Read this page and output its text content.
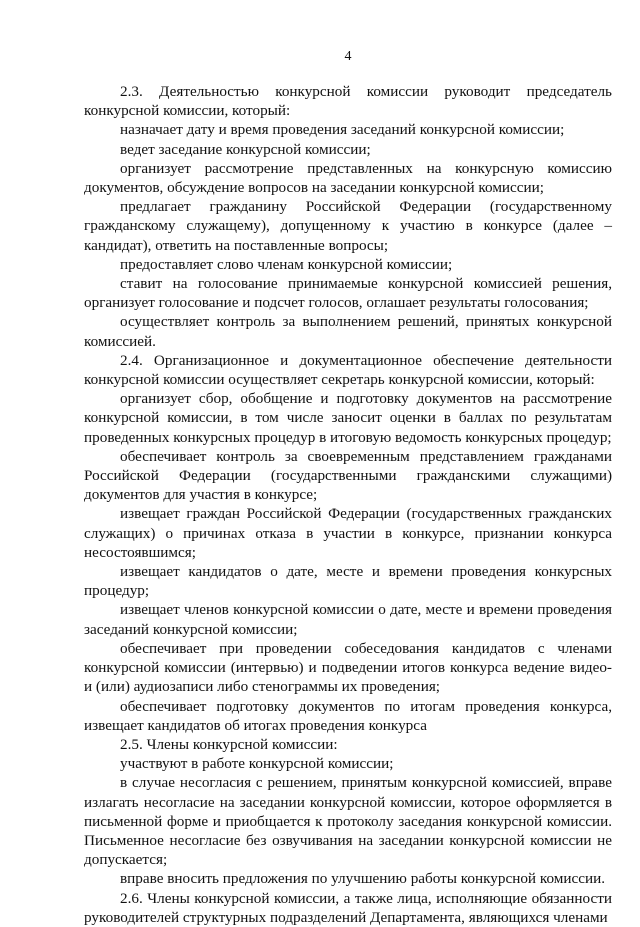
4

2.3. Деятельностью конкурсной комиссии руководит председатель конкурсной комиссии, который:

назначает дату и время проведения заседаний конкурсной комиссии;

ведет заседание конкурсной комиссии;

организует рассмотрение представленных на конкурсную комиссию документов, обсуждение вопросов на заседании конкурсной комиссии;

предлагает гражданину Российской Федерации (государственному гражданскому служащему), допущенному к участию в конкурсе (далее – кандидат), ответить на поставленные вопросы;

предоставляет слово членам конкурсной комиссии;

ставит на голосование принимаемые конкурсной комиссией решения, организует голосование и подсчет голосов, оглашает результаты голосования;

осуществляет контроль за выполнением решений, принятых конкурсной комиссией.

2.4. Организационное и документационное обеспечение деятельности конкурсной комиссии осуществляет секретарь конкурсной комиссии, который:

организует сбор, обобщение и подготовку документов на рассмотрение конкурсной комиссии, в том числе заносит оценки в баллах по результатам проведенных конкурсных процедур в итоговую ведомость конкурсных процедур;

обеспечивает контроль за своевременным представлением гражданами Российской Федерации (государственными гражданскими служащими) документов для участия в конкурсе;

извещает граждан Российской Федерации (государственных гражданских служащих) о причинах отказа в участии в конкурсе, признании конкурса несостоявшимся;

извещает кандидатов о дате, месте и времени проведения конкурсных процедур;

извещает членов конкурсной комиссии о дате, месте и времени проведения заседаний конкурсной комиссии;

обеспечивает при проведении собеседования кандидатов с членами конкурсной комиссии (интервью) и подведении итогов конкурса ведение видео- и (или) аудиозаписи либо стенограммы их проведения;

обеспечивает подготовку документов по итогам проведения конкурса, извещает кандидатов об итогах проведения конкурса

2.5. Члены конкурсной комиссии:

участвуют в работе конкурсной комиссии;

в случае несогласия с решением, принятым конкурсной комиссией, вправе излагать несогласие на заседании конкурсной комиссии, которое оформляется в письменной форме и приобщается к протоколу заседания конкурсной комиссии. Письменное несогласие без озвучивания на заседании конкурсной комиссии не допускается;

вправе вносить предложения по улучшению работы конкурсной комиссии.

2.6. Члены конкурсной комиссии, а также лица, исполняющие обязанности руководителей структурных подразделений Департамента, являющихся членами
